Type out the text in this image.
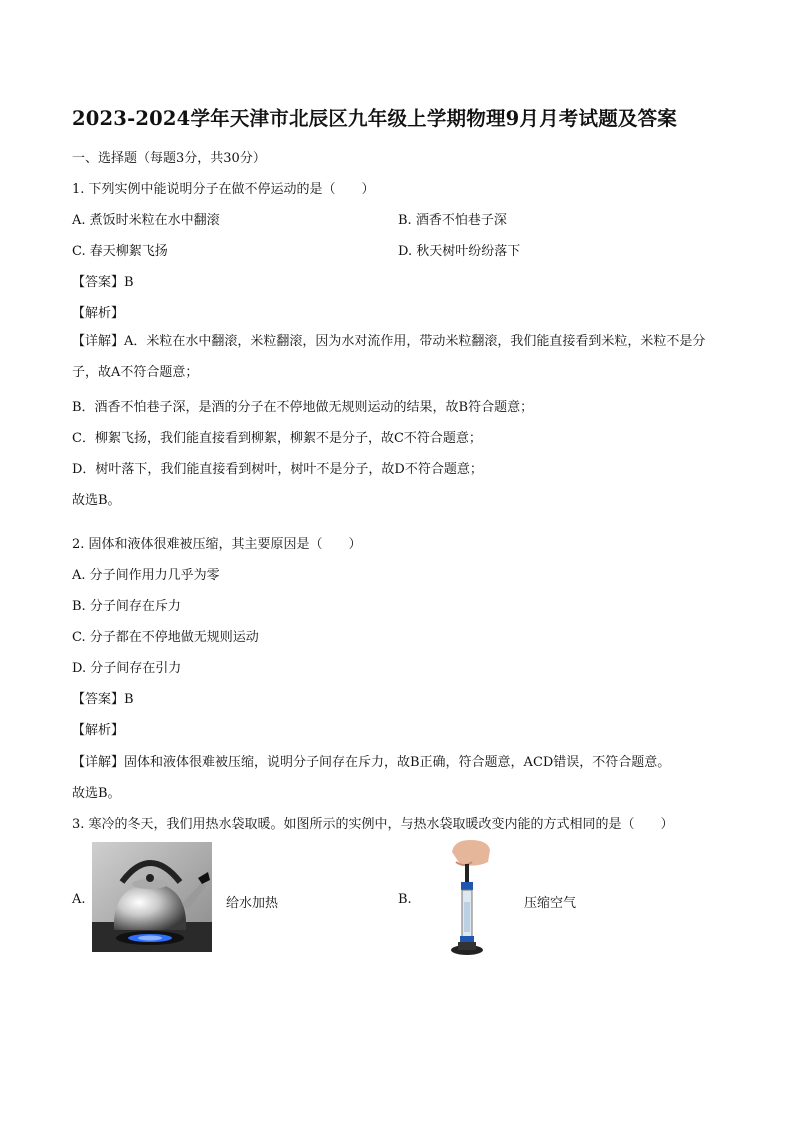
2023-2024学年天津市北辰区九年级上学期物理9月月考试题及答案
一、选择题（每题3分，共30分）
1. 下列实例中能说明分子在做不停运动的是（　　）
A. 煮饭时米粒在水中翻滚	B. 酒香不怕巷子深
C. 春天柳絮飞扬	D. 秋天树叶纷纷落下
【答案】B
【解析】
【详解】A．米粒在水中翻滚，米粒翻滚，因为水对流作用，带动米粒翻滚，我们能直接看到米粒，米粒不是分子，故A不符合题意；
B．酒香不怕巷子深，是酒的分子在不停地做无规则运动的结果，故B符合题意；
C．柳絮飞扬，我们能直接看到柳絮，柳絮不是分子，故C不符合题意；
D．树叶落下，我们能直接看到树叶，树叶不是分子，故D不符合题意；
故选B。
2. 固体和液体很难被压缩，其主要原因是（　　）
A. 分子间作用力几乎为零
B. 分子间存在斥力
C. 分子都在不停地做无规则运动
D. 分子间存在引力
【答案】B
【解析】
【详解】固体和液体很难被压缩，说明分子间存在斥力，故B正确，符合题意，ACD错误，不符合题意。
故选B。
3. 寒冷的冬天，我们用热水袋取暖。如图所示的实例中，与热水袋取暖改变内能的方式相同的是（　　）
A.	给水加热	B.	压缩空气
